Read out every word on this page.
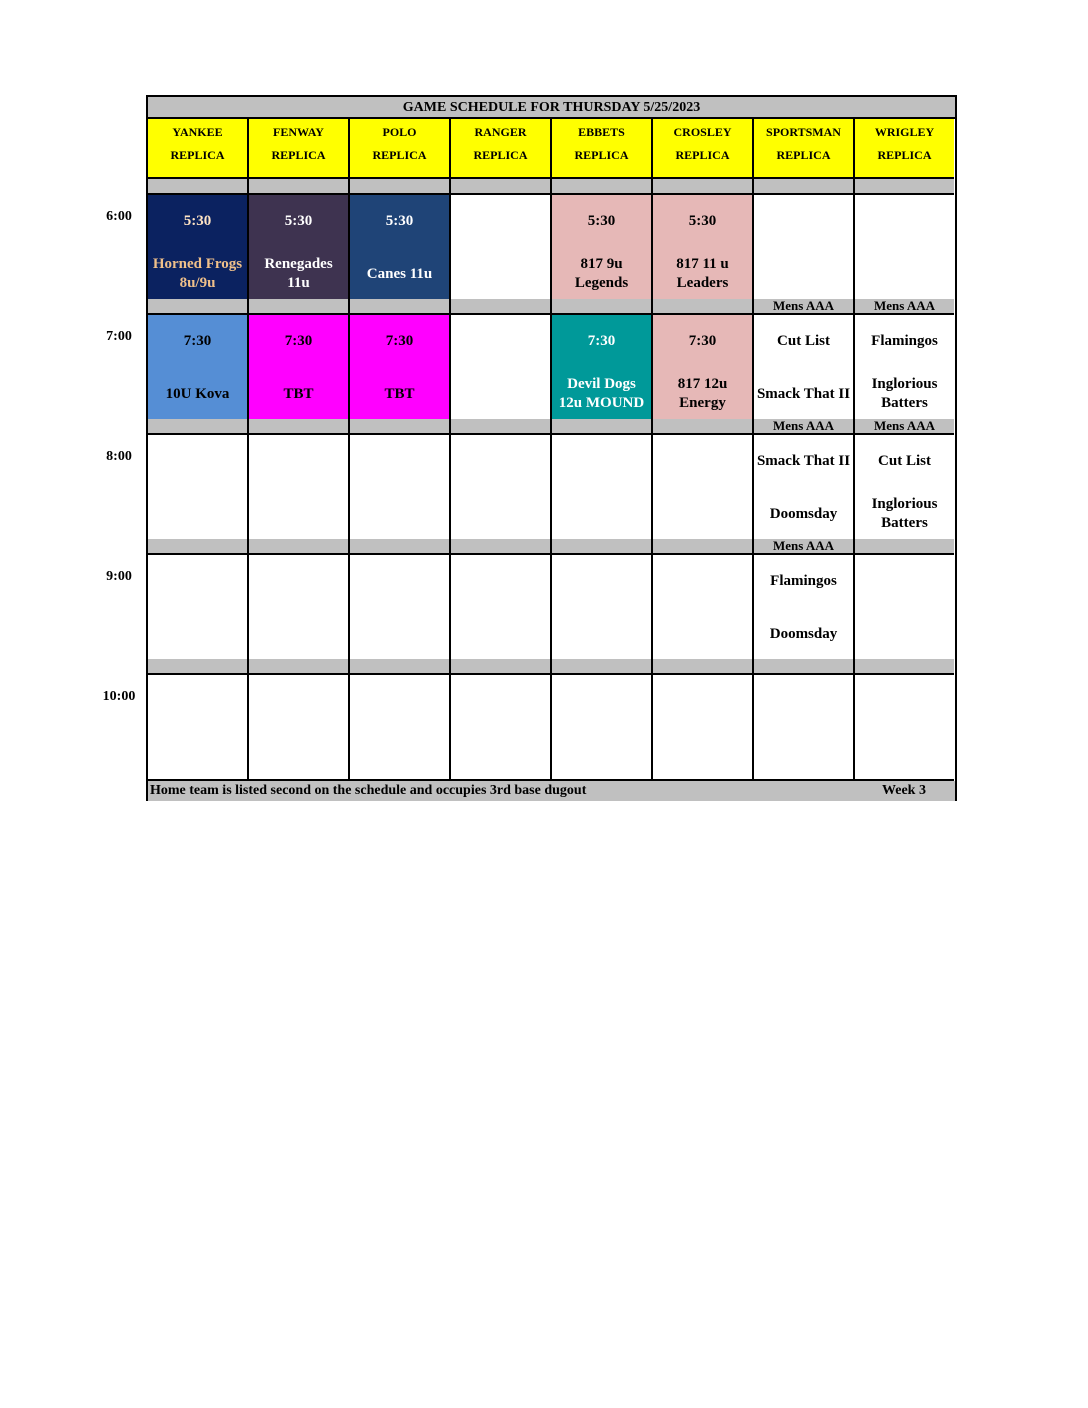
6:00
7:00
8:00
9:00
10:00
GAME SCHEDULE FOR THURSDAY 5/25/2023
YANKEE
REPLICA
FENWAY
REPLICA
POLO
REPLICA
RANGER
REPLICA
EBBETS
REPLICA
CROSLEY
REPLICA
SPORTSMAN
REPLICA
WRIGLEY
REPLICA
5:30
Horned Frogs
8u/9u
5:30
Renegades
11u
5:30
Canes 11u
5:30
817 9u
Legends
5:30
817 11 u
Leaders
7:30
10U Kova
7:30
TBT
7:30
TBT
7:30
Devil Dogs
12u MOUND
7:30
817 12u
Energy
Mens AAA
Cut List
Smack That II
Mens AAA
Flamingos
Inglorious
Batters
Mens AAA
Smack That II
Doomsday
Mens AAA
Cut List
Inglorious
Batters
Mens AAA
Flamingos
Doomsday
Home team is listed second on the schedule and occupies 3rd base dugout	Week 3
